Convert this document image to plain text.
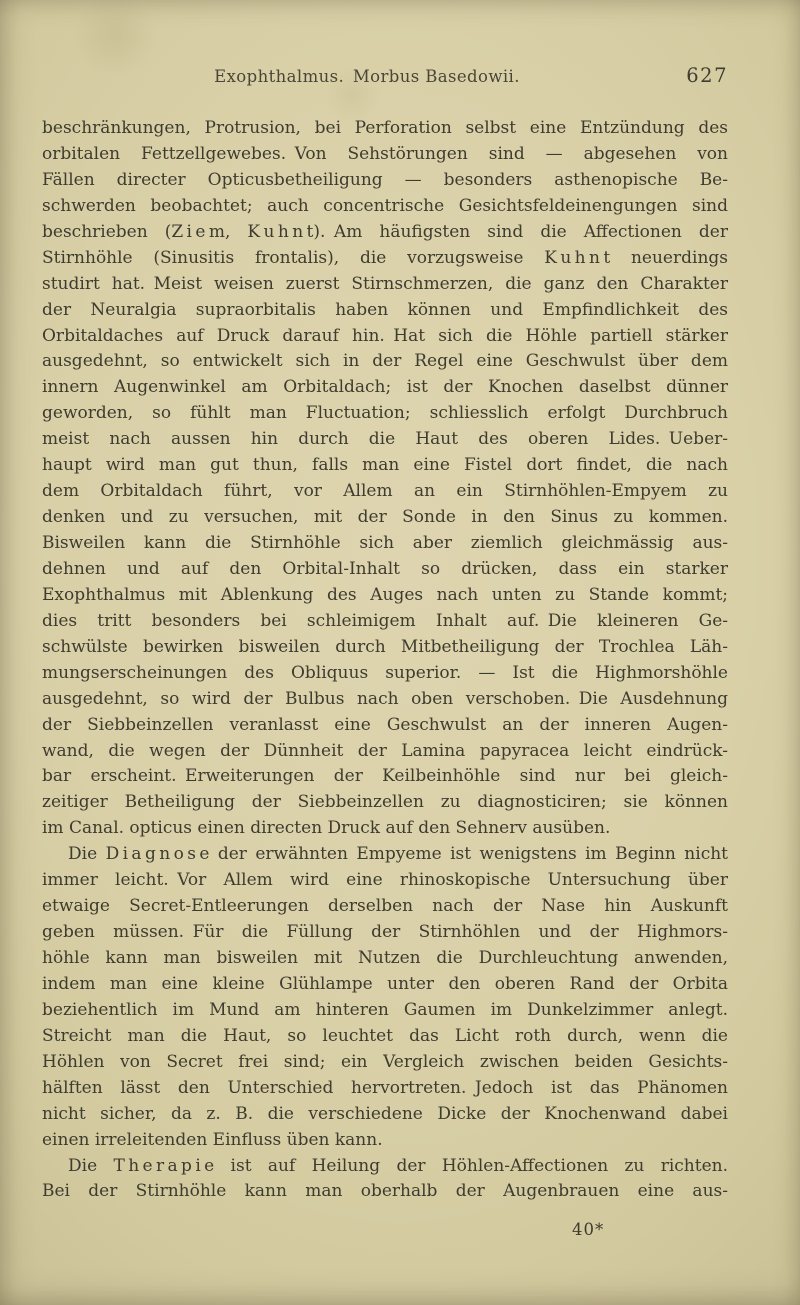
Exophthalmus. Morbus Basedowii.	627
beschränkungen, Protrusion, bei Perforation selbst eine Entzündung des
orbitalen Fettzellgewebes. Von Sehstörungen sind — abgesehen von
Fällen directer Opticusbetheiligung — besonders asthenopische Be-
schwerden beobachtet; auch concentrische Gesichtsfeldeinengungen sind
beschrieben (Z i e m, K u h n t). Am häufigsten sind die Affectionen der
Stirnhöhle (Sinusitis frontalis), die vorzugsweise K u h n t neuerdings
studirt hat. Meist weisen zuerst Stirnschmerzen, die ganz den Charakter
der Neuralgia supraorbitalis haben können und Empfindlichkeit des
Orbitaldaches auf Druck darauf hin. Hat sich die Höhle partiell stärker
ausgedehnt, so entwickelt sich in der Regel eine Geschwulst über dem
innern Augenwinkel am Orbitaldach; ist der Knochen daselbst dünner
geworden, so fühlt man Fluctuation; schliesslich erfolgt Durchbruch
meist nach aussen hin durch die Haut des oberen Lides. Ueber-
haupt wird man gut thun, falls man eine Fistel dort findet, die nach
dem Orbitaldach führt, vor Allem an ein Stirnhöhlen-Empyem zu
denken und zu versuchen, mit der Sonde in den Sinus zu kommen.
Bisweilen kann die Stirnhöhle sich aber ziemlich gleichmässig aus-
dehnen und auf den Orbital-Inhalt so drücken, dass ein starker
Exophthalmus mit Ablenkung des Auges nach unten zu Stande kommt;
dies tritt besonders bei schleimigem Inhalt auf. Die kleineren Ge-
schwülste bewirken bisweilen durch Mitbetheiligung der Trochlea Läh-
mungserscheinungen des Obliquus superior. — Ist die Highmorshöhle
ausgedehnt, so wird der Bulbus nach oben verschoben. Die Ausdehnung
der Siebbeinzellen veranlasst eine Geschwulst an der inneren Augen-
wand, die wegen der Dünnheit der Lamina papyracea leicht eindrück-
bar erscheint. Erweiterungen der Keilbeinhöhle sind nur bei gleich-
zeitiger Betheiligung der Siebbeinzellen zu diagnosticiren; sie können
im Canal. opticus einen directen Druck auf den Sehnerv ausüben.
Die D i a g n o s e der erwähnten Empyeme ist wenigstens im Beginn nicht
immer leicht. Vor Allem wird eine rhinoskopische Untersuchung über
etwaige Secret-Entleerungen derselben nach der Nase hin Auskunft
geben müssen. Für die Füllung der Stirnhöhlen und der Highmors-
höhle kann man bisweilen mit Nutzen die Durchleuchtung anwenden,
indem man eine kleine Glühlampe unter den oberen Rand der Orbita
beziehentlich im Mund am hinteren Gaumen im Dunkelzimmer anlegt.
Streicht man die Haut, so leuchtet das Licht roth durch, wenn die
Höhlen von Secret frei sind; ein Vergleich zwischen beiden Gesichts-
hälften lässt den Unterschied hervortreten. Jedoch ist das Phänomen
nicht sicher, da z. B. die verschiedene Dicke der Knochenwand dabei
einen irreleitenden Einfluss üben kann.
Die T h e r a p i e ist auf Heilung der Höhlen-Affectionen zu richten.
Bei der Stirnhöhle kann man oberhalb der Augenbrauen eine aus-
40*
